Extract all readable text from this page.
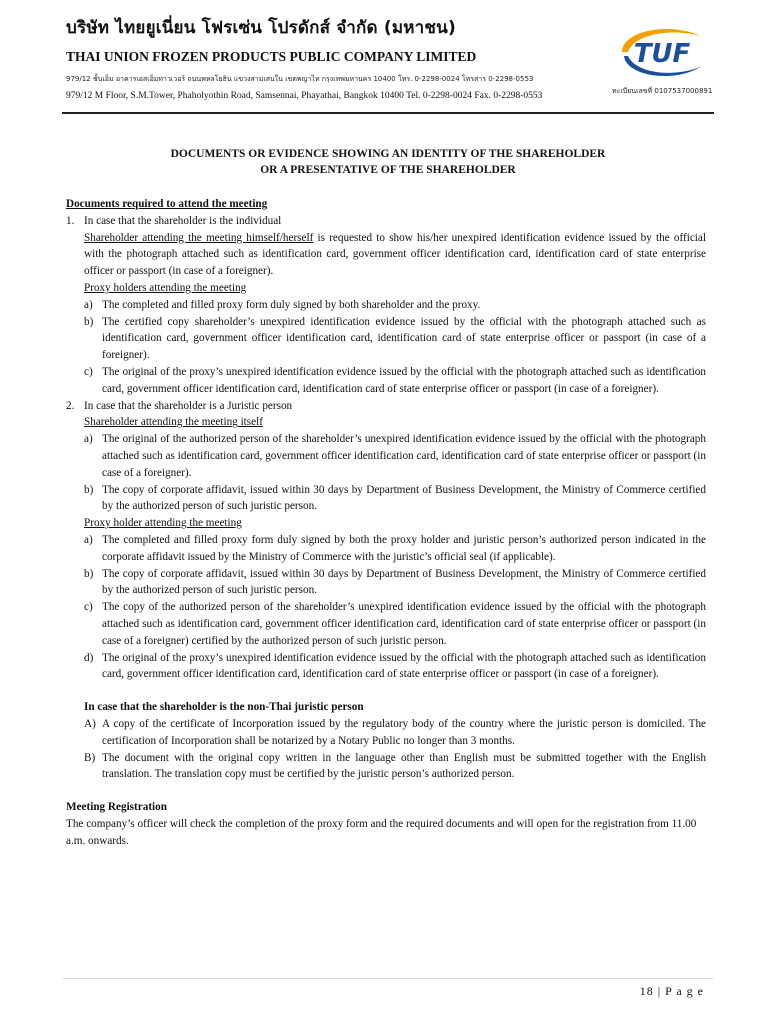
บริษัท ไทยยูเนี่ยน โฟรเซ่น โปรดักส์ จำกัด (มหาชน)
THAI UNION FROZEN PRODUCTS PUBLIC COMPANY LIMITED
979/12 ชั้นเอ็ม อาคารเอสเอ็มทาวเวอร์ ถนนพหลโยธิน แขวงสามเสนใน เขตพญาไท กรุงเทพมหานคร 10400 โทร. 0-2298-0024 โทรสาร 0-2298-0553
979/12 M Floor, S.M.Tower, Phaholyothin Road, Samsennai, Phayathai, Bangkok 10400 Tel. 0-2298-0024 Fax. 0-2298-0553
TUF
ทะเบียนเลขที่ 0107537000891
DOCUMENTS OR EVIDENCE SHOWING AN IDENTITY OF THE SHAREHOLDER
OR A PRESENTATIVE OF THE SHAREHOLDER
Documents required to attend the meeting
1. In case that the shareholder is the individual
Shareholder attending the meeting himself/herself is requested to show his/her unexpired identification evidence issued by the official with the photograph attached such as identification card, government officer identification card, identification card of state enterprise officer or passport (in case of a foreigner).
Proxy holders attending the meeting
a) The completed and filled proxy form duly signed by both shareholder and the proxy.
b) The certified copy shareholder’s unexpired identification evidence issued by the official with the photograph attached such as identification card, government officer identification card, identification card of state enterprise officer or passport (in case of a foreigner).
c) The original of the proxy’s unexpired identification evidence issued by the official with the photograph attached such as identification card, government officer identification card, identification card of state enterprise officer or passport (in case of a foreigner).
2. In case that the shareholder is a Juristic person
Shareholder attending the meeting itself
a) The original of the authorized person of the shareholder’s unexpired identification evidence issued by the official with the photograph attached such as identification card, government officer identification card, identification card of state enterprise officer or passport (in case of a foreigner).
b) The copy of corporate affidavit, issued within 30 days by Department of Business Development, the Ministry of Commerce certified by the authorized person of such juristic person.
Proxy holder attending the meeting
a) The completed and filled proxy form duly signed by both the proxy holder and juristic person’s authorized person indicated in the corporate affidavit issued by the Ministry of Commerce with the juristic’s official seal (if applicable).
b) The copy of corporate affidavit, issued within 30 days by Department of Business Development, the Ministry of Commerce certified by the authorized person of such juristic person.
c) The copy of the authorized person of the shareholder’s unexpired identification evidence issued by the official with the photograph attached such as identification card, government officer identification card, identification card of state enterprise officer or passport (in case of a foreigner) certified by the authorized person of such juristic person.
d) The original of the proxy’s unexpired identification evidence issued by the official with the photograph attached such as identification card, government officer identification card, identification card of state enterprise officer or passport (in case of a foreigner).
In case that the shareholder is the non-Thai juristic person
A) A copy of the certificate of Incorporation issued by the regulatory body of the country where the juristic person is domiciled. The certification of Incorporation shall be notarized by a Notary Public no longer than 3 months.
B) The document with the original copy written in the language other than English must be submitted together with the English translation. The translation copy must be certified by the juristic person’s authorized person.
Meeting Registration
The company’s officer will check the completion of the proxy form and the required documents and will open for the registration from 11.00 a.m. onwards.
18 | P a g e
